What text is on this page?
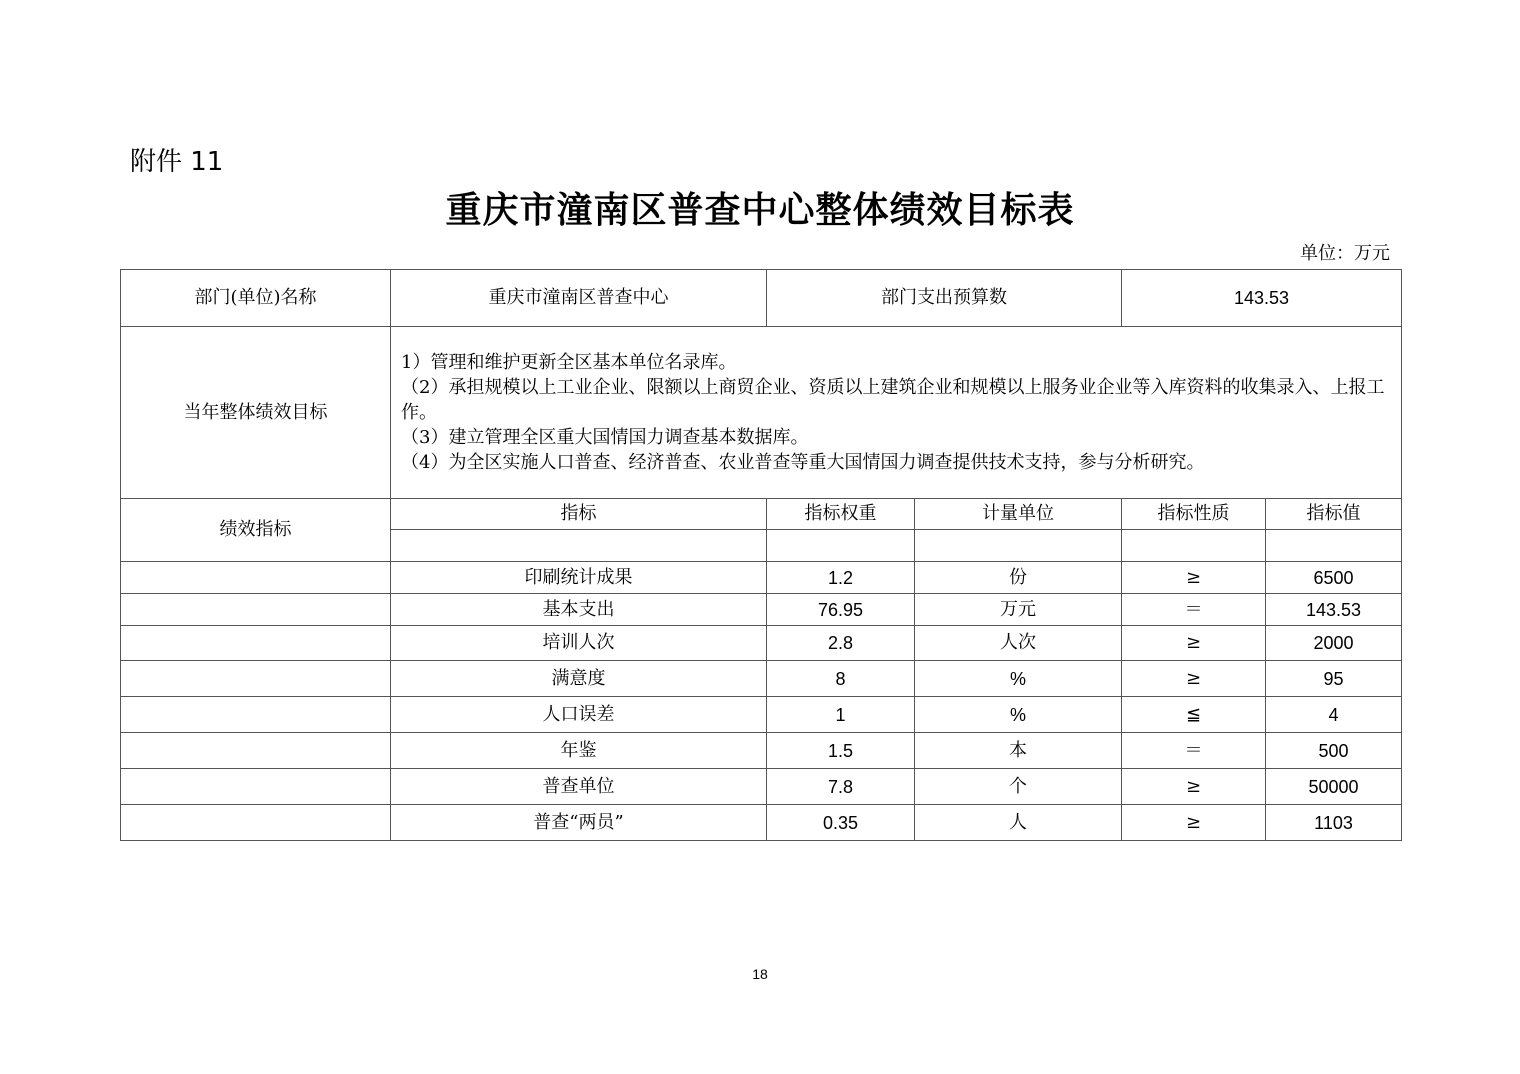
附件 11
重庆市潼南区普查中心整体绩效目标表
单位：万元
部门(单位)名称	重庆市潼南区普查中心	部门支出预算数		143.53	
当年整体绩效目标	1）管理和维护更新全区基本单位名录库。
（2）承担规模以上工业企业、限额以上商贸企业、资质以上建筑企业和规模以上服务业企业等入库资料的收集录入、上报工作。
（3）建立管理全区重大国情国力调查基本数据库。
（4）为全区实施人口普查、经济普查、农业普查等重大国情国力调查提供技术支持，参与分析研究。				

绩效指标	指标	指标权重	计量单位	指标性质	指标值

	印刷统计成果	1.2	份	≥	6500
	基本支出	76.95	万元	＝	143.53
	培训人次	2.8	人次	≥	2000
	满意度	8	%	≥	95
	人口误差	1	%	≦	4
	年鉴	1.5	本	＝	500
	普查单位	7.8	个	≥	50000
	普查“两员”	0.35	人	≥	1103
18
